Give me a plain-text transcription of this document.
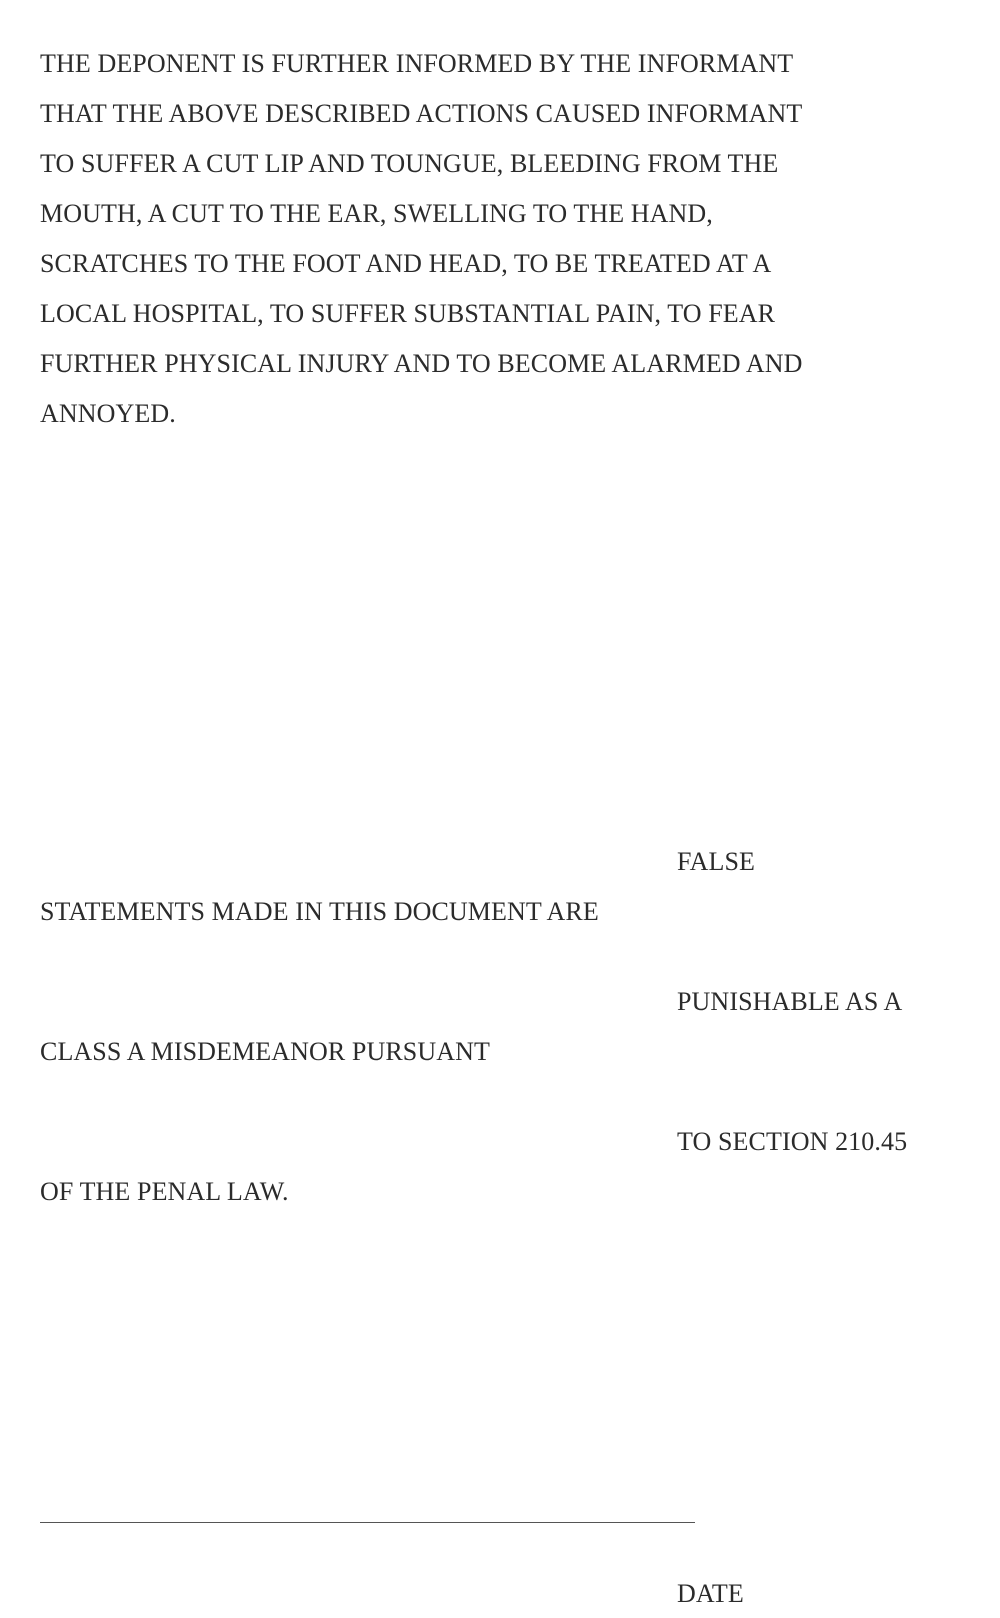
THE DEPONENT IS FURTHER INFORMED BY THE INFORMANT
THAT THE ABOVE DESCRIBED ACTIONS CAUSED INFORMANT
TO SUFFER A CUT LIP AND TOUNGUE, BLEEDING FROM THE
MOUTH, A CUT TO THE EAR, SWELLING TO THE HAND,
SCRATCHES TO THE FOOT AND HEAD, TO BE TREATED AT A
LOCAL HOSPITAL, TO SUFFER SUBSTANTIAL PAIN, TO FEAR
FURTHER PHYSICAL INJURY AND TO BECOME ALARMED AND
ANNOYED.
FALSE
STATEMENTS MADE IN THIS DOCUMENT ARE
PUNISHABLE AS A
CLASS A MISDEMEANOR PURSUANT
TO SECTION 210.45
OF THE PENAL LAW.
DATE
